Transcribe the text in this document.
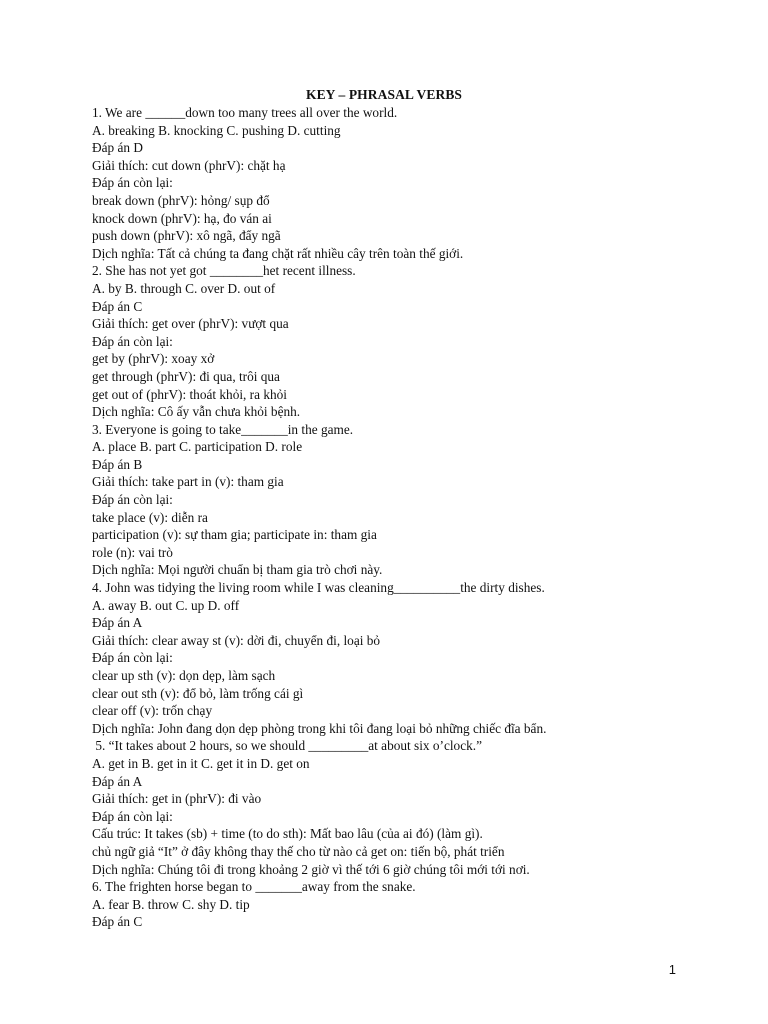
KEY – PHRASAL VERBS
1. We are ______down too many trees all over the world.
A. breaking B. knocking C. pushing D. cutting
Đáp án D
Giải thích: cut down (phrV): chặt hạ
Đáp án còn lại:
break down (phrV): hỏng/ sụp đổ
knock down (phrV): hạ, đo ván ai
push down (phrV): xô ngã, đẩy ngã
Dịch nghĩa: Tất cả chúng ta đang chặt rất nhiều cây trên toàn thế giới.
2. She has not yet got ________het recent illness.
A. by B. through C. over D. out of
Đáp án C
Giải thích: get over (phrV): vượt qua
Đáp án còn lại:
get by (phrV): xoay xở
get through (phrV): đi qua, trôi qua
get out of (phrV): thoát khỏi, ra khỏi
Dịch nghĩa: Cô ấy vẫn chưa khỏi bệnh.
3. Everyone is going to take_______in the game.
A. place B. part C. participation D. role
Đáp án B
Giải thích: take part in (v): tham gia
Đáp án còn lại:
take place (v): diễn ra
participation (v): sự tham gia; participate in: tham gia
role (n): vai trò
Dịch nghĩa: Mọi người chuẩn bị tham gia trò chơi này.
4. John was tidying the living room while I was cleaning__________the dirty dishes.
A. away B. out C. up D. off
Đáp án A
Giải thích: clear away st (v): dời đi, chuyển đi, loại bỏ
Đáp án còn lại:
clear up sth (v): dọn dẹp, làm sạch
clear out sth (v): đổ bỏ, làm trống cái gì
clear off (v): trốn chạy
Dịch nghĩa: John đang dọn dẹp phòng trong khi tôi đang loại bỏ những chiếc đĩa bẩn.
5. “It takes about 2 hours, so we should _________at about six o’clock.”
A. get in B. get in it C. get it in D. get on
Đáp án A
Giải thích: get in (phrV): đi vào
Đáp án còn lại:
Cấu trúc: It takes (sb) + time (to do sth): Mất bao lâu (của ai đó) (làm gì).
chủ ngữ giả “It” ở đây không thay thế cho từ nào cả get on: tiến bộ, phát triển
Dịch nghĩa: Chúng tôi đi trong khoảng 2 giờ vì thế tới 6 giờ chúng tôi mới tới nơi.
6. The frighten horse began to _______away from the snake.
A. fear B. throw C. shy D. tip
Đáp án C
1
